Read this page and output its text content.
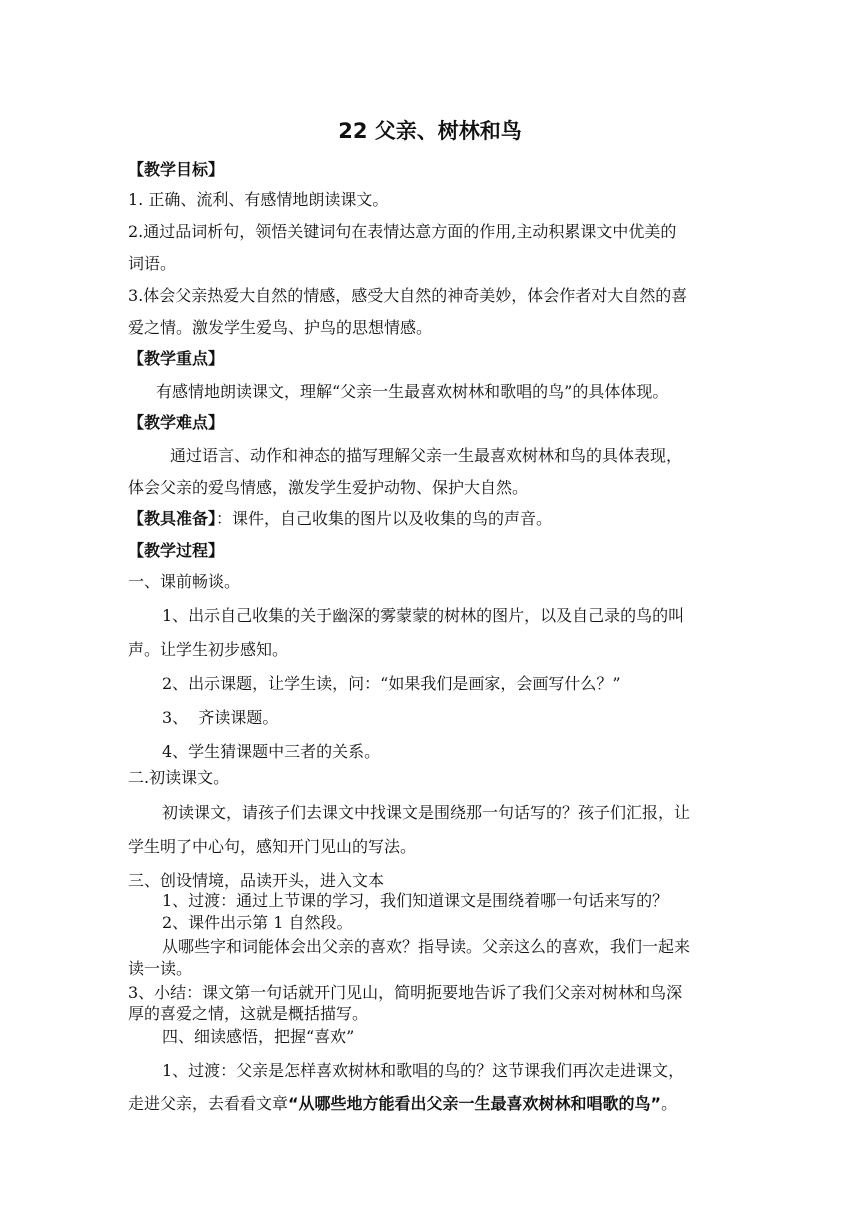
22 父亲、树林和鸟
【教学目标】
1. 正确、流利、有感情地朗读课文。
2.通过品词析句，领悟关键词句在表情达意方面的作用,主动积累课文中优美的
词语。
3.体会父亲热爱大自然的情感，感受大自然的神奇美妙，体会作者对大自然的喜
爱之情。激发学生爱鸟、护鸟的思想情感。
【教学重点】
有感情地朗读课文，理解“父亲一生最喜欢树林和歌唱的鸟”的具体体现。
【教学难点】
通过语言、动作和神态的描写理解父亲一生最喜欢树林和鸟的具体表现，
体会父亲的爱鸟情感，激发学生爱护动物、保护大自然。
【教具准备】：课件，自己收集的图片以及收集的鸟的声音。
【教学过程】
一、课前畅谈。
1、出示自己收集的关于幽深的雾蒙蒙的树林的图片，以及自己录的鸟的叫
声。让学生初步感知。
2、出示课题，让学生读，问：“如果我们是画家，会画写什么？”
3、  齐读课题。
4、学生猜课题中三者的关系。
二.初读课文。
初读课文，请孩子们去课文中找课文是围绕那一句话写的？孩子们汇报，让
学生明了中心句，感知开门见山的写法。
三、创设情境，品读开头，进入文本
1、过渡：通过上节课的学习，我们知道课文是围绕着哪一句话来写的？
2、课件出示第 1 自然段。
从哪些字和词能体会出父亲的喜欢？指导读。父亲这么的喜欢，我们一起来
读一读。
3、小结：课文第一句话就开门见山，简明扼要地告诉了我们父亲对树林和鸟深
厚的喜爱之情，这就是概括描写。
四、细读感悟，把握“喜欢”
1、过渡：父亲是怎样喜欢树林和歌唱的鸟的？这节课我们再次走进课文，
走进父亲，去看看文章“从哪些地方能看出父亲一生最喜欢树林和唱歌的鸟”。
